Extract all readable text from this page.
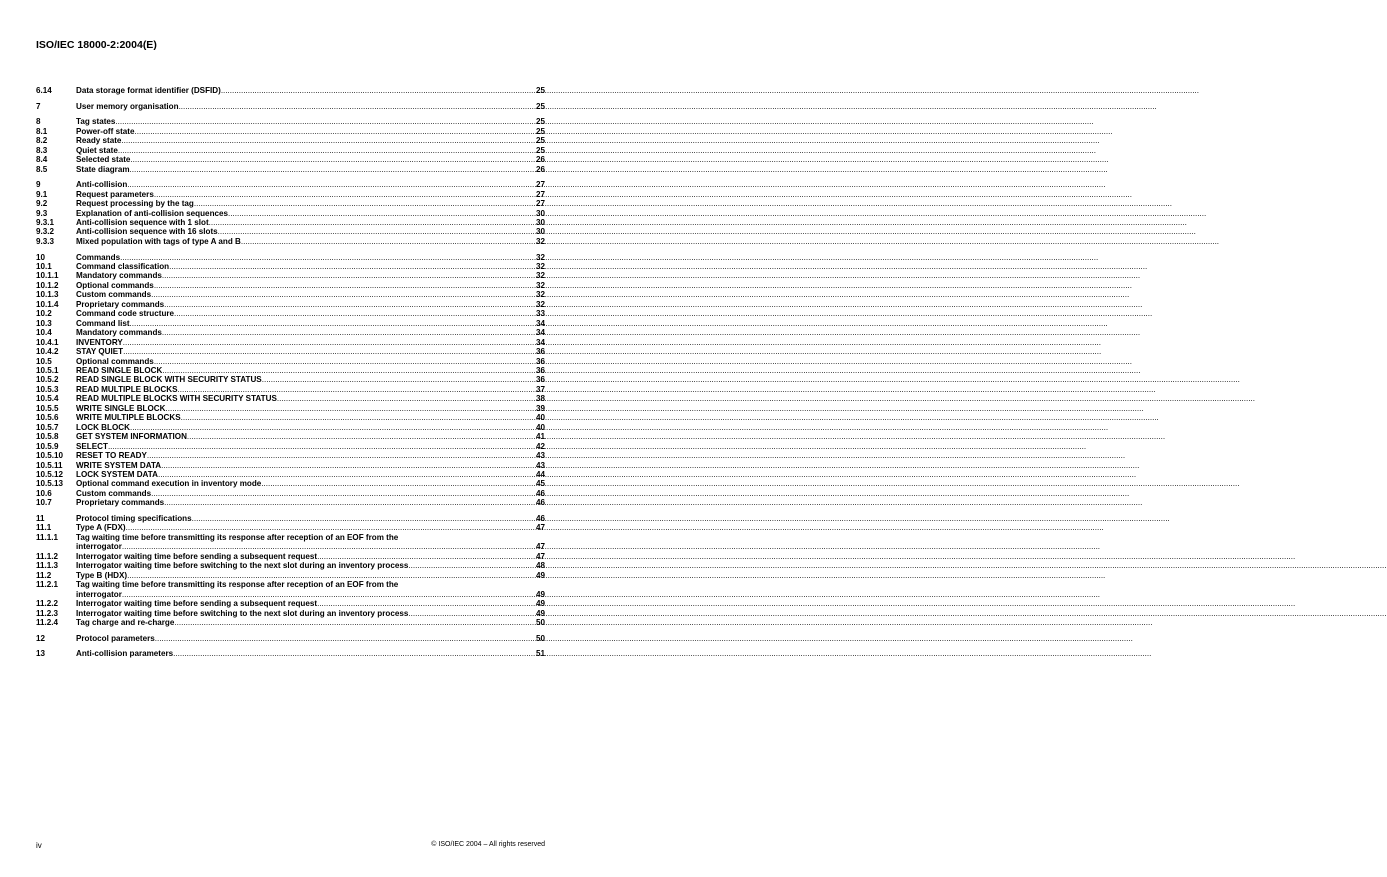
ISO/IEC 18000-2:2004(E)
6.14	Data storage format identifier (DSFID) .....	25
7	User memory organisation .....	25
8	Tag states .....	25
8.1	Power-off state .....	25
8.2	Ready state .....	25
8.3	Quiet state .....	25
8.4	Selected state .....	26
8.5	State diagram .....	26
9	Anti-collision .....	27
9.1	Request parameters .....	27
9.2	Request processing by the tag .....	27
9.3	Explanation of anti-collision sequences .....	30
9.3.1	Anti-collision sequence with 1 slot .....	30
9.3.2	Anti-collision sequence with 16 slots .....	30
9.3.3	Mixed population with tags of type A and B .....	32
10	Commands .....	32
10.1	Command classification .....	32
10.1.1	Mandatory commands .....	32
10.1.2	Optional commands .....	32
10.1.3	Custom commands .....	32
10.1.4	Proprietary commands .....	32
10.2	Command code structure .....	33
10.3	Command list .....	34
10.4	Mandatory commands .....	34
10.4.1	INVENTORY .....	34
10.4.2	STAY QUIET .....	36
10.5	Optional commands .....	36
10.5.1	READ SINGLE BLOCK .....	36
10.5.2	READ SINGLE BLOCK WITH SECURITY STATUS .....	36
10.5.3	READ MULTIPLE BLOCKS .....	37
10.5.4	READ MULTIPLE BLOCKS WITH SECURITY STATUS .....	38
10.5.5	WRITE SINGLE BLOCK .....	39
10.5.6	WRITE MULTIPLE BLOCKS .....	40
10.5.7	LOCK BLOCK .....	40
10.5.8	GET SYSTEM INFORMATION .....	41
10.5.9	SELECT .....	42
10.5.10	RESET TO READY .....	43
10.5.11	WRITE SYSTEM DATA .....	43
10.5.12	LOCK SYSTEM DATA .....	44
10.5.13	Optional command execution in inventory mode .....	45
10.6	Custom commands .....	46
10.7	Proprietary commands .....	46
11	Protocol timing specifications .....	46
11.1	Type A (FDX) .....	47
11.1.1	Tag waiting time before transmitting its response after reception of an EOF from the
interrogator .....	47
11.1.2	Interrogator waiting time before sending a subsequent request .....	47
11.1.3	Interrogator waiting time before switching to the next slot during an inventory process .....	48
11.2	Type B (HDX) .....	49
11.2.1	Tag waiting time before transmitting its response after reception of an EOF from the
interrogator .....	49
11.2.2	Interrogator waiting time before sending a subsequent request .....	49
11.2.3	Interrogator waiting time before switching to the next slot during an inventory process .....	49
11.2.4	Tag charge and re-charge .....	50
12	Protocol parameters .....	50
13	Anti-collision parameters .....	51
iv	© ISO/IEC 2004 – All rights reserved
